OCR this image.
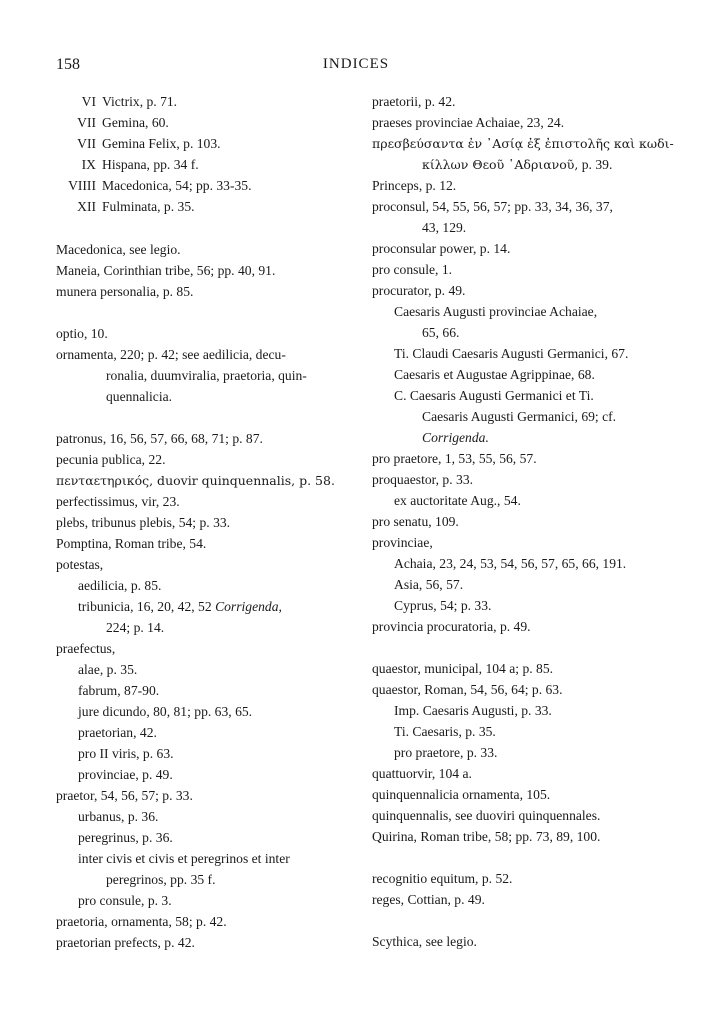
158	INDICES
VI Victrix, p. 71.
VII Gemina, 60.
VII Gemina Felix, p. 103.
IX Hispana, pp. 34 f.
VIIII Macedonica, 54; pp. 33-35.
XII Fulminata, p. 35.
Macedonica, see legio.
Maneia, Corinthian tribe, 56; pp. 40, 91.
munera personalia, p. 85.
optio, 10.
ornamenta, 220; p. 42; see aedilicia, decu-
ronalia, duumviralia, praetoria, quin-
quennalicia.
patronus, 16, 56, 57, 66, 68, 71; p. 87.
pecunia publica, 22.
πενταετηρικός, duovir quinquennalis, p. 58.
perfectissimus, vir, 23.
plebs, tribunus plebis, 54; p. 33.
Pomptina, Roman tribe, 54.
potestas,
aedilicia, p. 85.
tribunicia, 16, 20, 42, 52 Corrigenda,
224; p. 14.
praefectus,
alae, p. 35.
fabrum, 87-90.
jure dicundo, 80, 81; pp. 63, 65.
praetorian, 42.
pro II viris, p. 63.
provinciae, p. 49.
praetor, 54, 56, 57; p. 33.
urbanus, p. 36.
peregrinus, p. 36.
inter civis et civis et peregrinos et inter
peregrinos, pp. 35 f.
pro consule, p. 3.
praetoria, ornamenta, 58; p. 42.
praetorian prefects, p. 42.
praetorii, p. 42.
praeses provinciae Achaiae, 23, 24.
πρεσβεύσαντα ἐν ᾿Ασίᾳ ἐξ ἐπιστολῆς καὶ κωδι-
κίλλων Θεοῦ ῾Αδριανοῦ, p. 39.
Princeps, p. 12.
proconsul, 54, 55, 56, 57; pp. 33, 34, 36, 37,
43, 129.
proconsular power, p. 14.
pro consule, 1.
procurator, p. 49.
Caesaris Augusti provinciae Achaiae,
65, 66.
Ti. Claudi Caesaris Augusti Germanici, 67.
Caesaris et Augustae Agrippinae, 68.
C. Caesaris Augusti Germanici et Ti.
Caesaris Augusti Germanici, 69; cf.
Corrigenda.
pro praetore, 1, 53, 55, 56, 57.
proquaestor, p. 33.
ex auctoritate Aug., 54.
pro senatu, 109.
provinciae,
Achaia, 23, 24, 53, 54, 56, 57, 65, 66, 191.
Asia, 56, 57.
Cyprus, 54; p. 33.
provincia procuratoria, p. 49.
quaestor, municipal, 104 a; p. 85.
quaestor, Roman, 54, 56, 64; p. 63.
Imp. Caesaris Augusti, p. 33.
Ti. Caesaris, p. 35.
pro praetore, p. 33.
quattuorvir, 104 a.
quinquennalicia ornamenta, 105.
quinquennalis, see duoviri quinquennales.
Quirina, Roman tribe, 58; pp. 73, 89, 100.
recognitio equitum, p. 52.
reges, Cottian, p. 49.
Scythica, see legio.
